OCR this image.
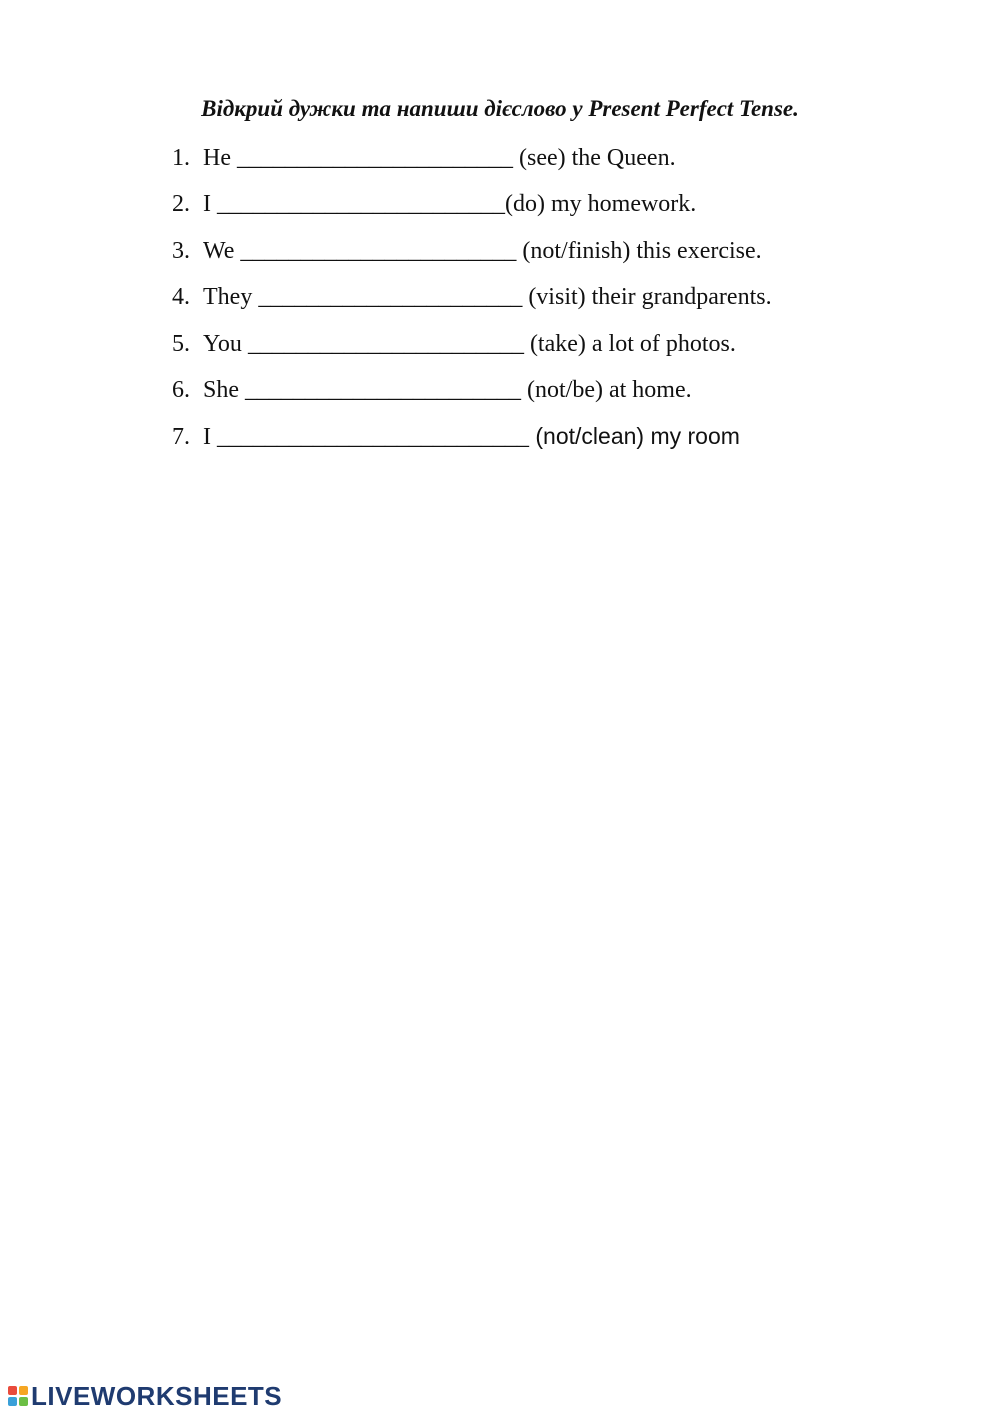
Відкрий дужки та напиши дієслово у Present Perfect Tense.
1. He _______________________ (see) the Queen.
2. I ________________________(do) my homework.
3. We _______________________ (not/finish) this exercise.
4. They ______________________ (visit) their grandparents.
5. You _______________________ (take) a lot of photos.
6. She _______________________ (not/be) at home.
7. I __________________________ (not/clean) my room
LIVEWORKSHEETS
